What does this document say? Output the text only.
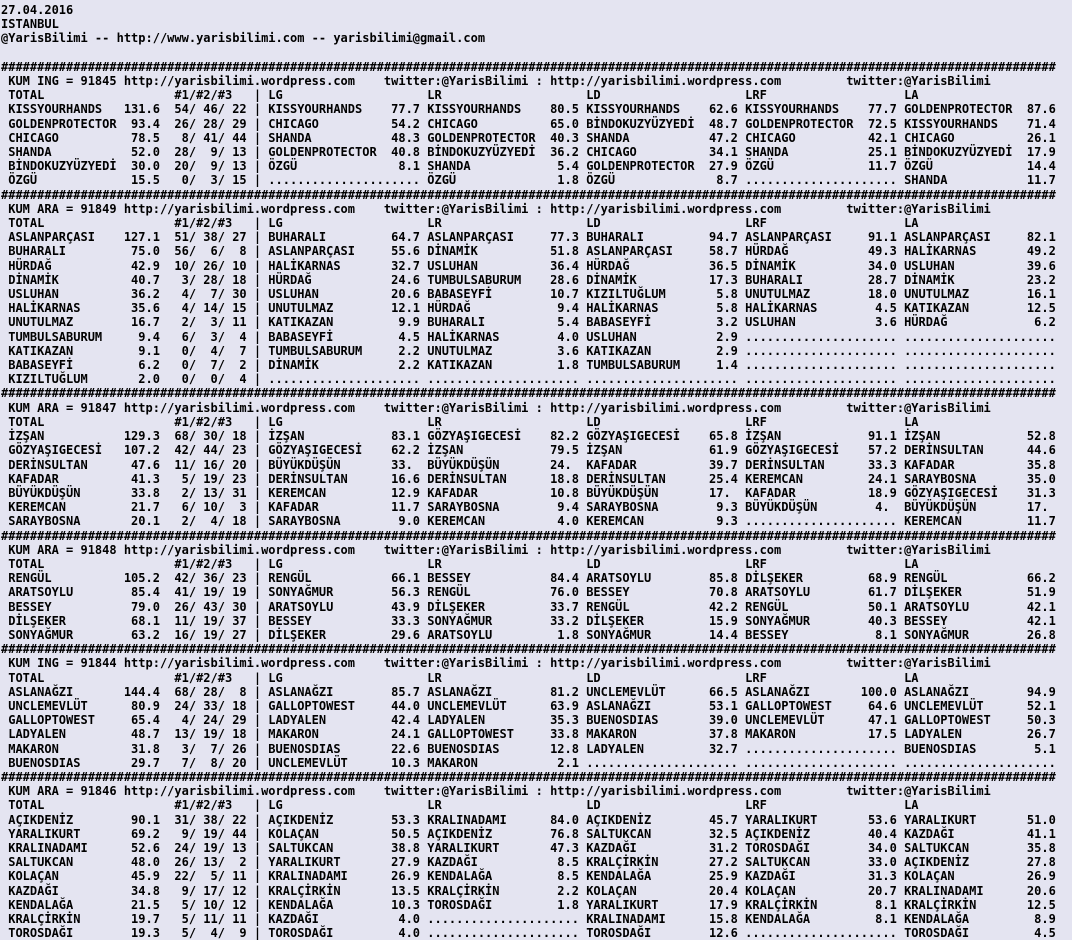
27.04.2016
ISTANBUL
@YarisBilimi -- http://www.yarisbilimi.com -- yarisbilimi@gmail.com

##################################################################################################################################################
KUM ING = 91845 http://yarisbilimi.wordpress.com    twitter:@YarisBilimi : http://yarisbilimi.wordpress.com         twitter:@YarisBilimi
TOTAL                  #1/#2/#3   | LG                    LR                    LD                    LRF                   LA
KISSYOURHANDS   131.6  54/ 46/ 22 | KISSYOURHANDS    77.7 KISSYOURHANDS    80.5 KISSYOURHANDS    62.6 KISSYOURHANDS    77.7 GOLDENPROTECTOR  87.6
GOLDENPROTECTOR  93.4  26/ 28/ 29 | CHICAGO          54.2 CHICAGO          65.0 BİNDOKUZYÜZYEDİ  48.7 GOLDENPROTECTOR  72.5 KISSYOURHANDS    71.4
CHICAGO          78.5   8/ 41/ 44 | SHANDA           48.3 GOLDENPROTECTOR  40.3 SHANDA           47.2 CHICAGO          42.1 CHICAGO          26.1
SHANDA           52.0  28/  9/ 13 | GOLDENPROTECTOR  40.8 BİNDOKUZYÜZYEDİ  36.2 CHICAGO          34.1 SHANDA           25.1 BİNDOKUZYÜZYEDİ  17.9
BİNDOKUZYÜZYEDİ  30.0  20/  9/ 13 | ÖZGÜ              8.1 SHANDA            5.4 GOLDENPROTECTOR  27.9 ÖZGÜ             11.7 ÖZGÜ             14.4
ÖZGÜ             15.5   0/  3/ 15 | ..................... ÖZGÜ              1.8 ÖZGÜ              8.7 ..................... SHANDA           11.7
##################################################################################################################################################
KUM ARA = 91849 http://yarisbilimi.wordpress.com    twitter:@YarisBilimi : http://yarisbilimi.wordpress.com         twitter:@YarisBilimi
TOTAL                  #1/#2/#3   | LG                    LR                    LD                    LRF                   LA
ASLANPARÇASI    127.1  51/ 38/ 27 | BUHARALI         64.7 ASLANPARÇASI     77.3 BUHARALI         94.7 ASLANPARÇASI     91.1 ASLANPARÇASI     82.1
BUHARALI         75.0  56/  6/  8 | ASLANPARÇASI     55.6 DİNAMİK          51.8 ASLANPARÇASI     58.7 HÜRDAĞ           49.3 HALİKARNAS       49.2
HÜRDAĞ           42.9  10/ 26/ 10 | HALİKARNAS       32.7 USLUHAN          36.4 HÜRDAĞ           36.5 DİNAMİK          34.0 USLUHAN          39.6
DİNAMİK          40.7   3/ 28/ 18 | HÜRDAĞ           24.6 TUMBULSABURUM    28.6 DİNAMİK          17.3 BUHARALI         28.7 DİNAMİK          23.2
USLUHAN          36.2   4/  7/ 30 | USLUHAN          20.6 BABASEYFİ        10.7 KIZILTUĞLUM       5.8 UNUTULMAZ        18.0 UNUTULMAZ        16.1
HALİKARNAS       35.6   4/ 14/ 15 | UNUTULMAZ        12.1 HÜRDAĞ            9.4 HALİKARNAS        5.8 HALİKARNAS        4.5 KATIKAZAN        12.5
UNUTULMAZ        16.7   2/  3/ 11 | KATIKAZAN         9.9 BUHARALI          5.4 BABASEYFİ         3.2 USLUHAN           3.6 HÜRDAĞ            6.2
TUMBULSABURUM     9.4   6/  3/  4 | BABASEYFİ         4.5 HALİKARNAS        4.0 USLUHAN           2.9 ..................... .....................
KATIKAZAN         9.1   0/  4/  7 | TUMBULSABURUM     2.2 UNUTULMAZ         3.6 KATIKAZAN         2.9 ..................... .....................
BABASEYFİ         6.2   0/  7/  2 | DİNAMİK           2.2 KATIKAZAN         1.8 TUMBULSABURUM     1.4 ..................... .....................
KIZILTUĞLUM       2.0   0/  0/  4 | ..................... ..................... ..................... ..................... .....................
##################################################################################################################################################
KUM ARA = 91847 http://yarisbilimi.wordpress.com    twitter:@YarisBilimi : http://yarisbilimi.wordpress.com         twitter:@YarisBilimi
TOTAL                  #1/#2/#3   | LG                    LR                    LD                    LRF                   LA
İZŞAN           129.3  68/ 30/ 18 | İZŞAN            83.1 GÖZYAŞIGECESİ    82.2 GÖZYAŞIGECESİ    65.8 İZŞAN            91.1 İZŞAN            52.8
GÖZYAŞIGECESİ   107.2  42/ 44/ 23 | GÖZYAŞIGECESİ    62.2 İZŞAN            79.5 İZŞAN            61.9 GÖZYAŞIGECESİ    57.2 DERİNSULTAN      44.6
DERİNSULTAN      47.6  11/ 16/ 20 | BÜYÜKDÜŞÜN       33.  BÜYÜKDÜŞÜN       24.  KAFADAR          39.7 DERİNSULTAN      33.3 KAFADAR          35.8
KAFADAR          41.3   5/ 19/ 23 | DERİNSULTAN      16.6 DERİNSULTAN      18.8 DERİNSULTAN      25.4 KEREMCAN         24.1 SARAYBOSNA       35.0
BÜYÜKDÜŞÜN       33.8   2/ 13/ 31 | KEREMCAN         12.9 KAFADAR          10.8 BÜYÜKDÜŞÜN       17.  KAFADAR          18.9 GÖZYAŞIGECESİ    31.3
KEREMCAN         21.7   6/ 10/  3 | KAFADAR          11.7 SARAYBOSNA        9.4 SARAYBOSNA        9.3 BÜYÜKDÜŞÜN        4.  BÜYÜKDÜŞÜN       17.
SARAYBOSNA       20.1   2/  4/ 18 | SARAYBOSNA        9.0 KEREMCAN          4.0 KEREMCAN          9.3 ..................... KEREMCAN         11.7
##################################################################################################################################################
KUM ARA = 91848 http://yarisbilimi.wordpress.com    twitter:@YarisBilimi : http://yarisbilimi.wordpress.com         twitter:@YarisBilimi
TOTAL                  #1/#2/#3   | LG                    LR                    LD                    LRF                   LA
RENGÜL          105.2  42/ 36/ 23 | RENGÜL           66.1 BESSEY           84.4 ARATSOYLU        85.8 DİLŞEKER         68.9 RENGÜL           66.2
ARATSOYLU        85.4  41/ 19/ 19 | SONYAĞMUR        56.3 RENGÜL           76.0 BESSEY           70.8 ARATSOYLU        61.7 DİLŞEKER         51.9
BESSEY           79.0  26/ 43/ 30 | ARATSOYLU        43.9 DİLŞEKER         33.7 RENGÜL           42.2 RENGÜL           50.1 ARATSOYLU        42.1
DİLŞEKER         68.1  11/ 19/ 37 | BESSEY           33.3 SONYAĞMUR        33.2 DİLŞEKER         15.9 SONYAĞMUR        40.3 BESSEY           42.1
SONYAĞMUR        63.2  16/ 19/ 27 | DİLŞEKER         29.6 ARATSOYLU         1.8 SONYAĞMUR        14.4 BESSEY            8.1 SONYAĞMUR        26.8
##################################################################################################################################################
KUM ING = 91844 http://yarisbilimi.wordpress.com    twitter:@YarisBilimi : http://yarisbilimi.wordpress.com         twitter:@YarisBilimi
TOTAL                  #1/#2/#3   | LG                    LR                    LD                    LRF                   LA
ASLANAĞZI       144.4  68/ 28/  8 | ASLANAĞZI        85.7 ASLANAĞZI        81.2 UNCLEMEVLÜT      66.5 ASLANAĞZI       100.0 ASLANAĞZI        94.9
UNCLEMEVLÜT      80.9  24/ 33/ 18 | GALLOPTOWEST     44.0 UNCLEMEVLÜT      63.9 ASLANAĞZI        53.1 GALLOPTOWEST     64.6 UNCLEMEVLÜT      52.1
GALLOPTOWEST     65.4   4/ 24/ 29 | LADYALEN         42.4 LADYALEN         35.3 BUENOSDIAS       39.0 UNCLEMEVLÜT      47.1 GALLOPTOWEST     50.3
LADYALEN         48.7  13/ 19/ 18 | MAKARON          24.1 GALLOPTOWEST     33.8 MAKARON          37.8 MAKARON          17.5 LADYALEN         26.7
MAKARON          31.8   3/  7/ 26 | BUENOSDIAS       22.6 BUENOSDIAS       12.8 LADYALEN         32.7 ..................... BUENOSDIAS        5.1
BUENOSDIAS       29.7   7/  8/ 20 | UNCLEMEVLÜT      10.3 MAKARON           2.1 ..................... ..................... .....................
##################################################################################################################################################
KUM ARA = 91846 http://yarisbilimi.wordpress.com    twitter:@YarisBilimi : http://yarisbilimi.wordpress.com         twitter:@YarisBilimi
TOTAL                  #1/#2/#3   | LG                    LR                    LD                    LRF                   LA
AÇIKDENİZ        90.1  31/ 38/ 22 | AÇIKDENİZ        53.3 KRALINADAMI      84.0 AÇIKDENİZ        45.7 YARALIKURT       53.6 YARALIKURT       51.0
YARALIKURT       69.2   9/ 19/ 44 | KOLAÇAN          50.5 AÇIKDENİZ        76.8 SALTUKCAN        32.5 AÇIKDENİZ        40.4 KAZDAĞI          41.1
KRALINADAMI      52.6  24/ 19/ 13 | SALTUKCAN        38.8 YARALIKURT       47.3 KAZDAĞI          31.2 TOROSDAĞI        34.0 SALTUKCAN        35.8
SALTUKCAN        48.0  26/ 13/  2 | YARALIKURT       27.9 KAZDAĞI           8.5 KRALÇİRKİN       27.2 SALTUKCAN        33.0 AÇIKDENİZ        27.8
KOLAÇAN          45.9  22/  5/ 11 | KRALINADAMI      26.9 KENDALAĞA         8.5 KENDALAĞA        25.9 KAZDAĞI          31.3 KOLAÇAN          26.9
KAZDAĞI          34.8   9/ 17/ 12 | KRALÇİRKİN       13.5 KRALÇİRKİN        2.2 KOLAÇAN          20.4 KOLAÇAN          20.7 KRALINADAMI      20.6
KENDALAĞA        21.5   5/ 10/ 12 | KENDALAĞA        10.3 TOROSDAĞI         1.8 YARALIKURT       17.9 KRALÇİRKİN        8.1 KRALÇİRKİN       12.5
KRALÇİRKİN       19.7   5/ 11/ 11 | KAZDAĞI           4.0 ..................... KRALINADAMI      15.8 KENDALAĞA         8.1 KENDALAĞA         8.9
TOROSDAĞI        19.3   5/  4/  9 | TOROSDAĞI         4.0 ..................... TOROSDAĞI        12.6 ..................... TOROSDAĞI         4.5
